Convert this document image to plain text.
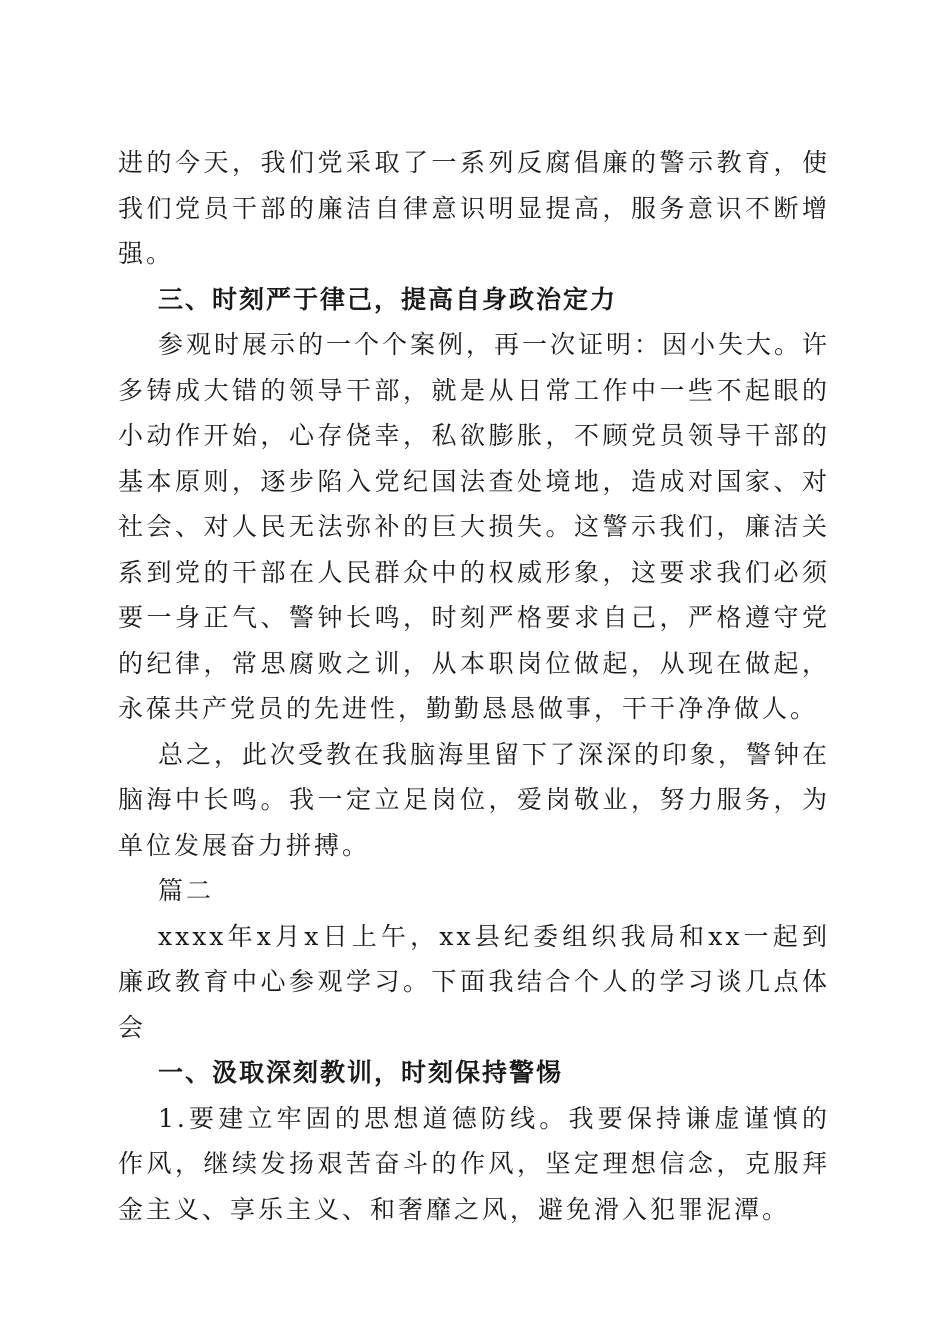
进的今天，我们党采取了一系列反腐倡廉的警示教育，使我们党员干部的廉洁自律意识明显提高，服务意识不断增强。

三、时刻严于律己，提高自身政治定力

参观时展示的一个个案例，再一次证明：因小失大。许多铸成大错的领导干部，就是从日常工作中一些不起眼的小动作开始，心存侥幸，私欲膨胀，不顾党员领导干部的基本原则，逐步陷入党纪国法查处境地，造成对国家、对社会、对人民无法弥补的巨大损失。这警示我们，廉洁关系到党的干部在人民群众中的权威形象，这要求我们必须要一身正气、警钟长鸣，时刻严格要求自己，严格遵守党的纪律，常思腐败之训，从本职岗位做起，从现在做起，永葆共产党员的先进性，勤勤恳恳做事，干干净净做人。

总之，此次受教在我脑海里留下了深深的印象，警钟在脑海中长鸣。我一定立足岗位，爱岗敬业，努力服务，为单位发展奋力拼搏。

篇二

xxxx年x月x日上午，xx县纪委组织我局和xx一起到廉政教育中心参观学习。下面我结合个人的学习谈几点体会

一、汲取深刻教训，时刻保持警惕

1.要建立牢固的思想道德防线。我要保持谦虚谨慎的作风，继续发扬艰苦奋斗的作风，坚定理想信念，克服拜金主义、享乐主义、和奢靡之风，避免滑入犯罪泥潭。
